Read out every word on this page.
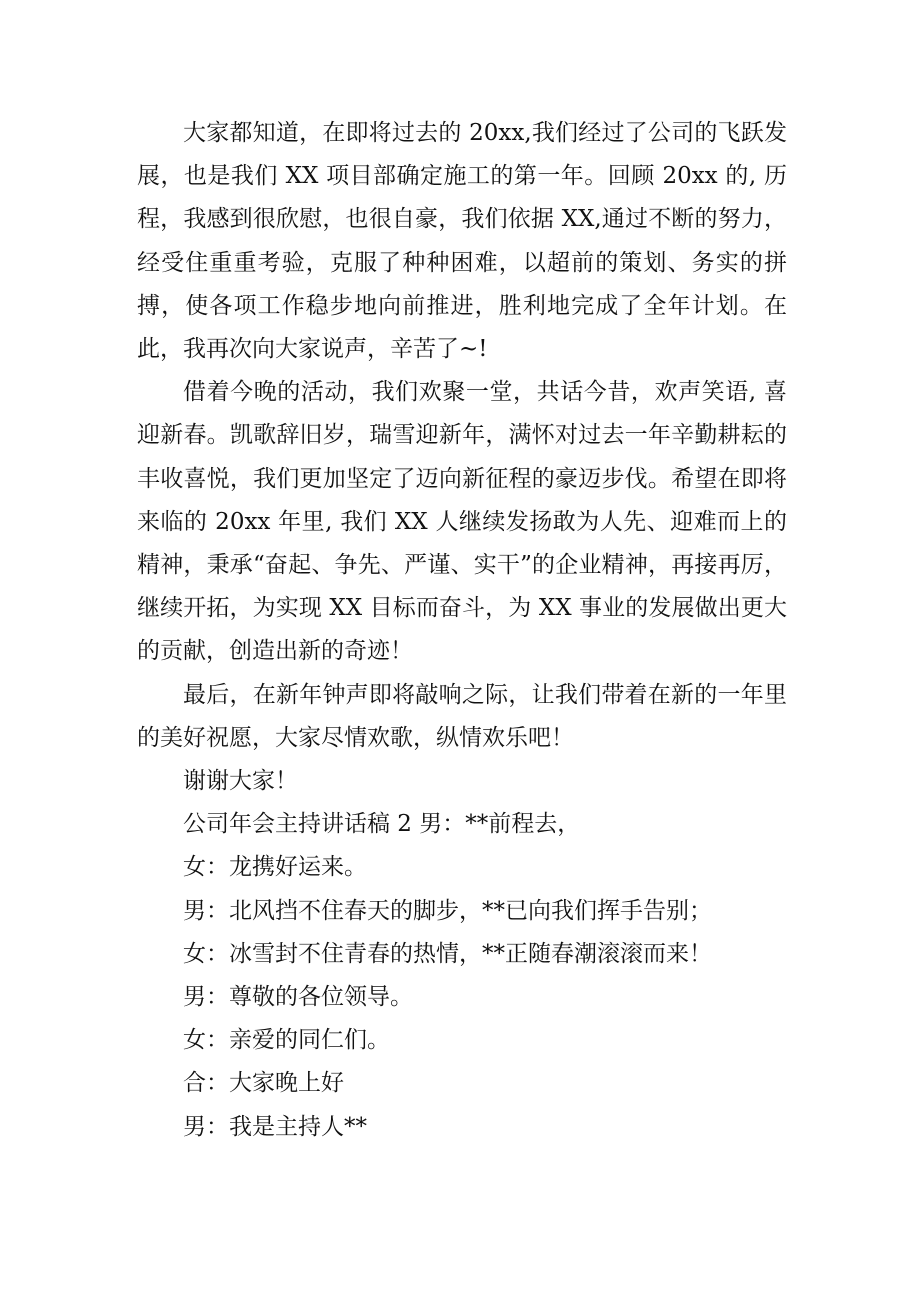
大家都知道，在即将过去的 20xx,我们经过了公司的飞跃发展，也是我们 XX 项目部确定施工的第一年。回顾 20xx 的, 历程，我感到很欣慰，也很自豪，我们依据 XX,通过不断的努力，经受住重重考验，克服了种种困难，以超前的策划、务实的拼搏，使各项工作稳步地向前推进，胜利地完成了全年计划。在此，我再次向大家说声，辛苦了~!

借着今晚的活动，我们欢聚一堂，共话今昔，欢声笑语, 喜迎新春。凯歌辞旧岁，瑞雪迎新年，满怀对过去一年辛勤耕耘的丰收喜悦，我们更加坚定了迈向新征程的豪迈步伐。希望在即将来临的 20xx 年里, 我们 XX 人继续发扬敢为人先、迎难而上的精神，秉承“奋起、争先、严谨、实干”的企业精神，再接再厉，继续开拓，为实现 XX 目标而奋斗，为 XX 事业的发展做出更大的贡献，创造出新的奇迹！

最后，在新年钟声即将敲响之际，让我们带着在新的一年里的美好祝愿，大家尽情欢歌，纵情欢乐吧！

谢谢大家！

公司年会主持讲话稿 2 男：**前程去，

女：龙携好运来。

男：北风挡不住春天的脚步，**已向我们挥手告别；

女：冰雪封不住青春的热情，**正随春潮滚滚而来！

男：尊敬的各位领导。

女：亲爱的同仁们。

合：大家晚上好

男：我是主持人**
